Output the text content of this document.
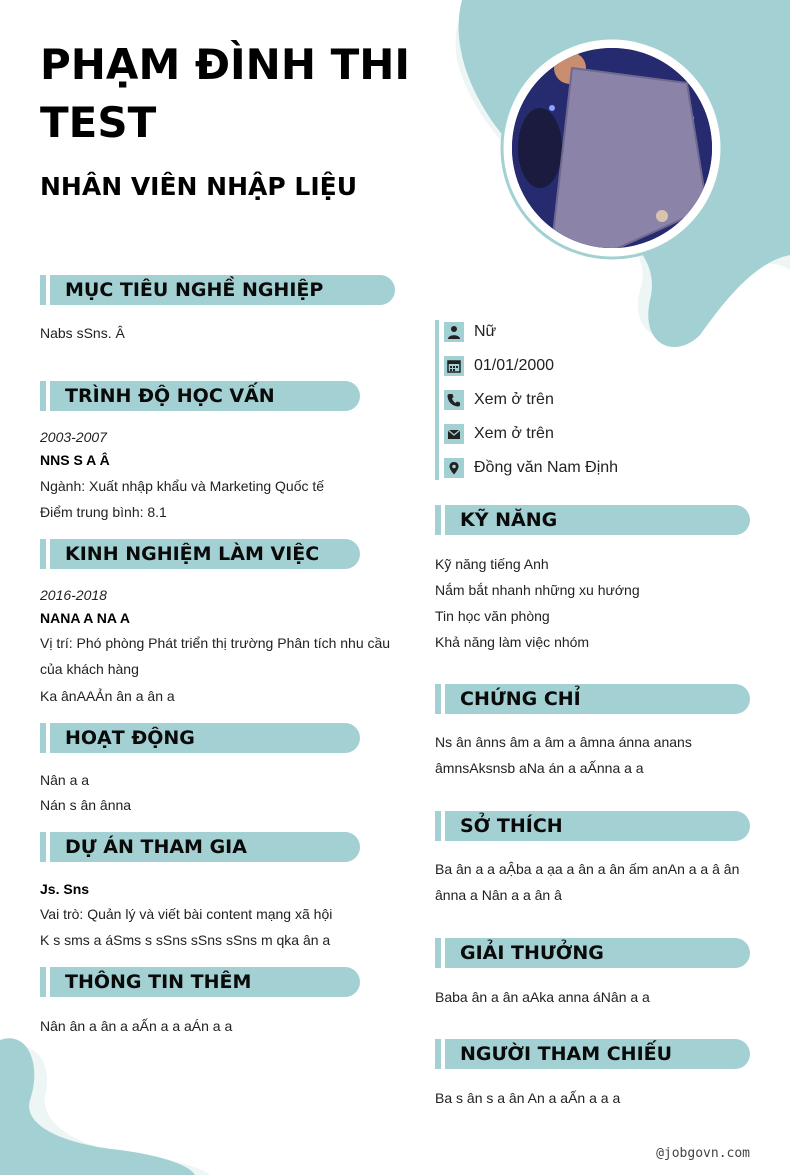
PHẠM ĐÌNH THI TEST
NHÂN VIÊN NHẬP LIỆU
MỤC TIÊU NGHỀ NGHIỆP
Nabs sSns. Â
TRÌNH ĐỘ HỌC VẤN
2003-2007
NNS S A Â
Ngành: Xuất nhập khẩu và Marketing Quốc tế
Điểm trung bình: 8.1
KINH NGHIỆM LÀM VIỆC
2016-2018
NANA A NA A
Vị trí: Phó phòng Phát triển thị trường Phân tích nhu cầu của khách hàng
Ka ânAAẢn ân a ân a
HOẠT ĐỘNG
Nân a a
Nán s ân ânna
DỰ ÁN THAM GIA
Js. Sns
Vai trò: Quản lý và viết bài content mạng xã hội
K s sms a áSms s sSns sSns sSns m qka ân a
THÔNG TIN THÊM
Nân ân a ân a aẤn a a aÁn a a
Nữ
01/01/2000
Xem ở trên
Xem ở trên
Đồng văn Nam Định
KỸ NĂNG
Kỹ năng tiếng Anh
Nắm bắt nhanh những xu hướng
Tin học văn phòng
Khả năng làm việc nhóm
CHỨNG CHỈ
Ns ân ânns âm a âm a âmna ánna anans âmnsAksnsb aNa án a aẤnna a a
SỞ THÍCH
Ba ân a a aẬba a ạa a ân a ân ấm anAn a a â ân ânna a Nân a a ân â
GIẢI THƯỞNG
Baba ân a ân aAka anna áNân a a
NGƯỜI THAM CHIẾU
Ba s ân s a ân An a aẤn a a a
@jobgovn.com
